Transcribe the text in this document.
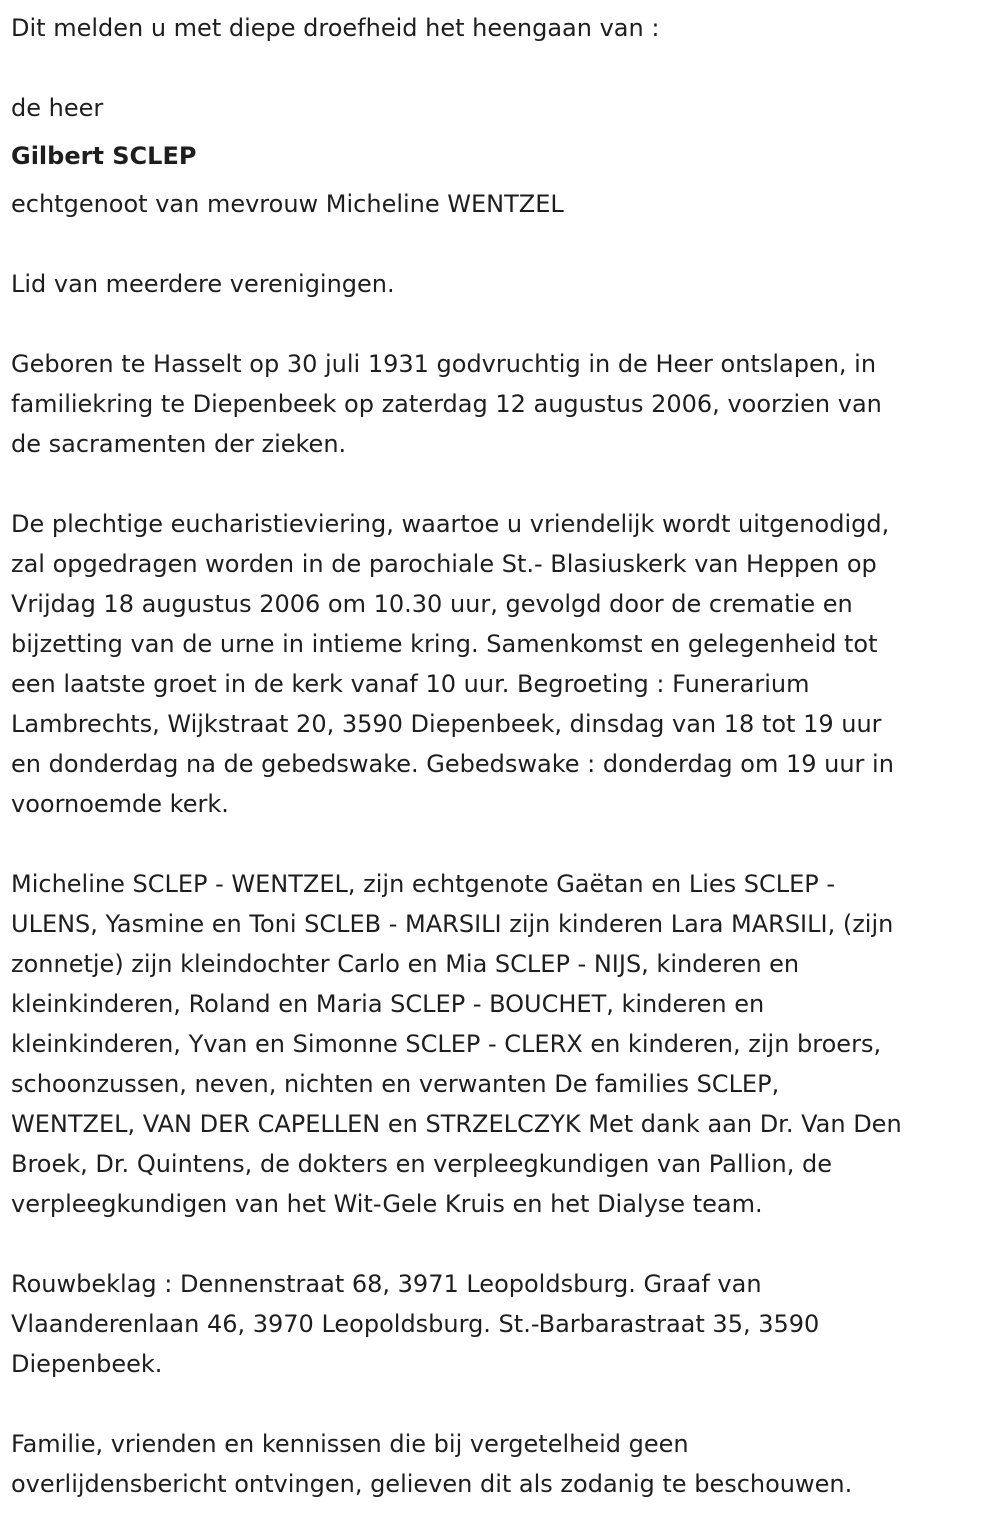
Dit melden u met diepe droefheid het heengaan van :
de heer
Gilbert SCLEP
echtgenoot van mevrouw Micheline WENTZEL
Lid van meerdere verenigingen.
Geboren te Hasselt op 30 juli 1931 godvruchtig in de Heer ontslapen, in
familiekring te Diepenbeek op zaterdag 12 augustus 2006, voorzien van
de sacramenten der zieken.
De plechtige eucharistieviering, waartoe u vriendelijk wordt uitgenodigd,
zal opgedragen worden in de parochiale St.- Blasiuskerk van Heppen op
Vrijdag 18 augustus 2006 om 10.30 uur, gevolgd door de crematie en
bijzetting van de urne in intieme kring. Samenkomst en gelegenheid tot
een laatste groet in de kerk vanaf 10 uur. Begroeting : Funerarium
Lambrechts, Wijkstraat 20, 3590 Diepenbeek, dinsdag van 18 tot 19 uur
en donderdag na de gebedswake. Gebedswake : donderdag om 19 uur in
voornoemde kerk.
Micheline SCLEP - WENTZEL, zijn echtgenote Gaëtan en Lies SCLEP -
ULENS, Yasmine en Toni SCLEB - MARSILI zijn kinderen Lara MARSILI, (zijn
zonnetje) zijn kleindochter Carlo en Mia SCLEP - NIJS, kinderen en
kleinkinderen, Roland en Maria SCLEP - BOUCHET, kinderen en
kleinkinderen, Yvan en Simonne SCLEP - CLERX en kinderen, zijn broers,
schoonzussen, neven, nichten en verwanten De families SCLEP,
WENTZEL, VAN DER CAPELLEN en STRZELCZYK Met dank aan Dr. Van Den
Broek, Dr. Quintens, de dokters en verpleegkundigen van Pallion, de
verpleegkundigen van het Wit-Gele Kruis en het Dialyse team.
Rouwbeklag : Dennenstraat 68, 3971 Leopoldsburg. Graaf van
Vlaanderenlaan 46, 3970 Leopoldsburg. St.-Barbarastraat 35, 3590
Diepenbeek.
Familie, vrienden en kennissen die bij vergetelheid geen
overlijdensbericht ontvingen, gelieven dit als zodanig te beschouwen.
